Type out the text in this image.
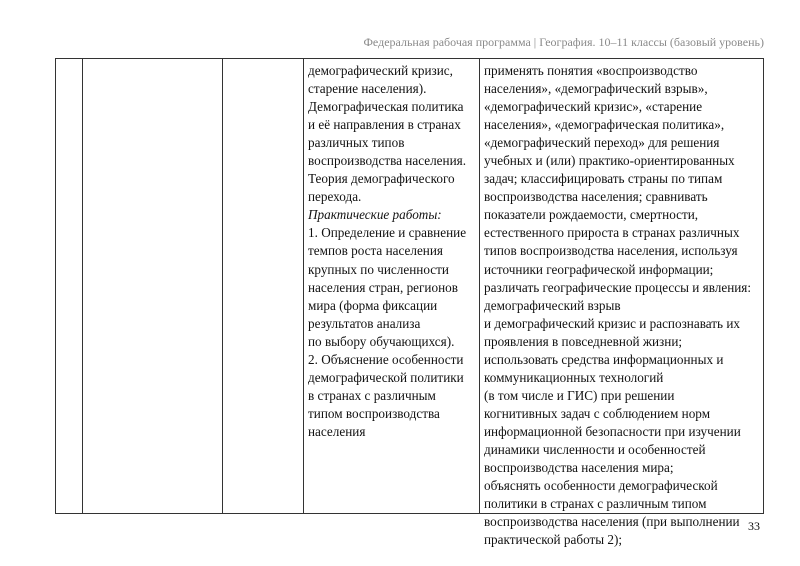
Федеральная рабочая программа | География. 10–11 классы (базовый уровень)
демографический кризис,
старение населения).
Демографическая политика
и её направления в странах
различных типов
воспроизводства населения.
Теория демографического
перехода.
Практические работы:
1. Определение и сравнение
темпов роста населения
крупных по численности
населения стран, регионов
мира (форма фиксации
результатов анализа
по выбору обучающихся).
2. Объяснение особенности
демографической политики
в странах с различным
типом воспроизводства
населения
применять понятия «воспроизводство
населения», «демографический взрыв»,
«демографический кризис», «старение
населения», «демографическая политика»,
«демографический переход» для решения
учебных и (или) практико-ориентированных
задач; классифицировать страны по типам
воспроизводства населения; сравнивать
показатели рождаемости, смертности,
естественного прироста в странах различных
типов воспроизводства населения, используя
источники географической информации;
различать географические процессы и явления:
демографический взрыв
и демографический кризис и распознавать их
проявления в повседневной жизни;
использовать средства информационных и
коммуникационных технологий
(в том числе и ГИС) при решении
когнитивных задач с соблюдением норм
информационной безопасности при изучении
динамики численности и особенностей
воспроизводства населения мира;
объяснять особенности демографической
политики в странах с различным типом
воспроизводства населения (при выполнении
практической работы 2);
33
